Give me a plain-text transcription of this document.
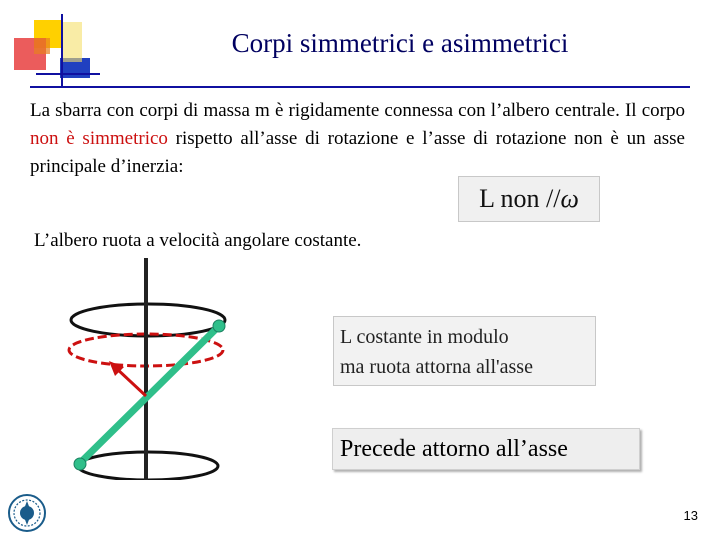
Corpi simmetrici e asimmetrici
La sbarra con corpi di massa m è rigidamente connessa con l’albero centrale. Il corpo non è simmetrico rispetto all’asse di rotazione e l’asse di rotazione non è un asse principale d’inerzia:
L non //ω
L’albero ruota a velocità angolare costante.
L costante in modulo
ma ruota attorna all'asse
Precede attorno all’asse
13
